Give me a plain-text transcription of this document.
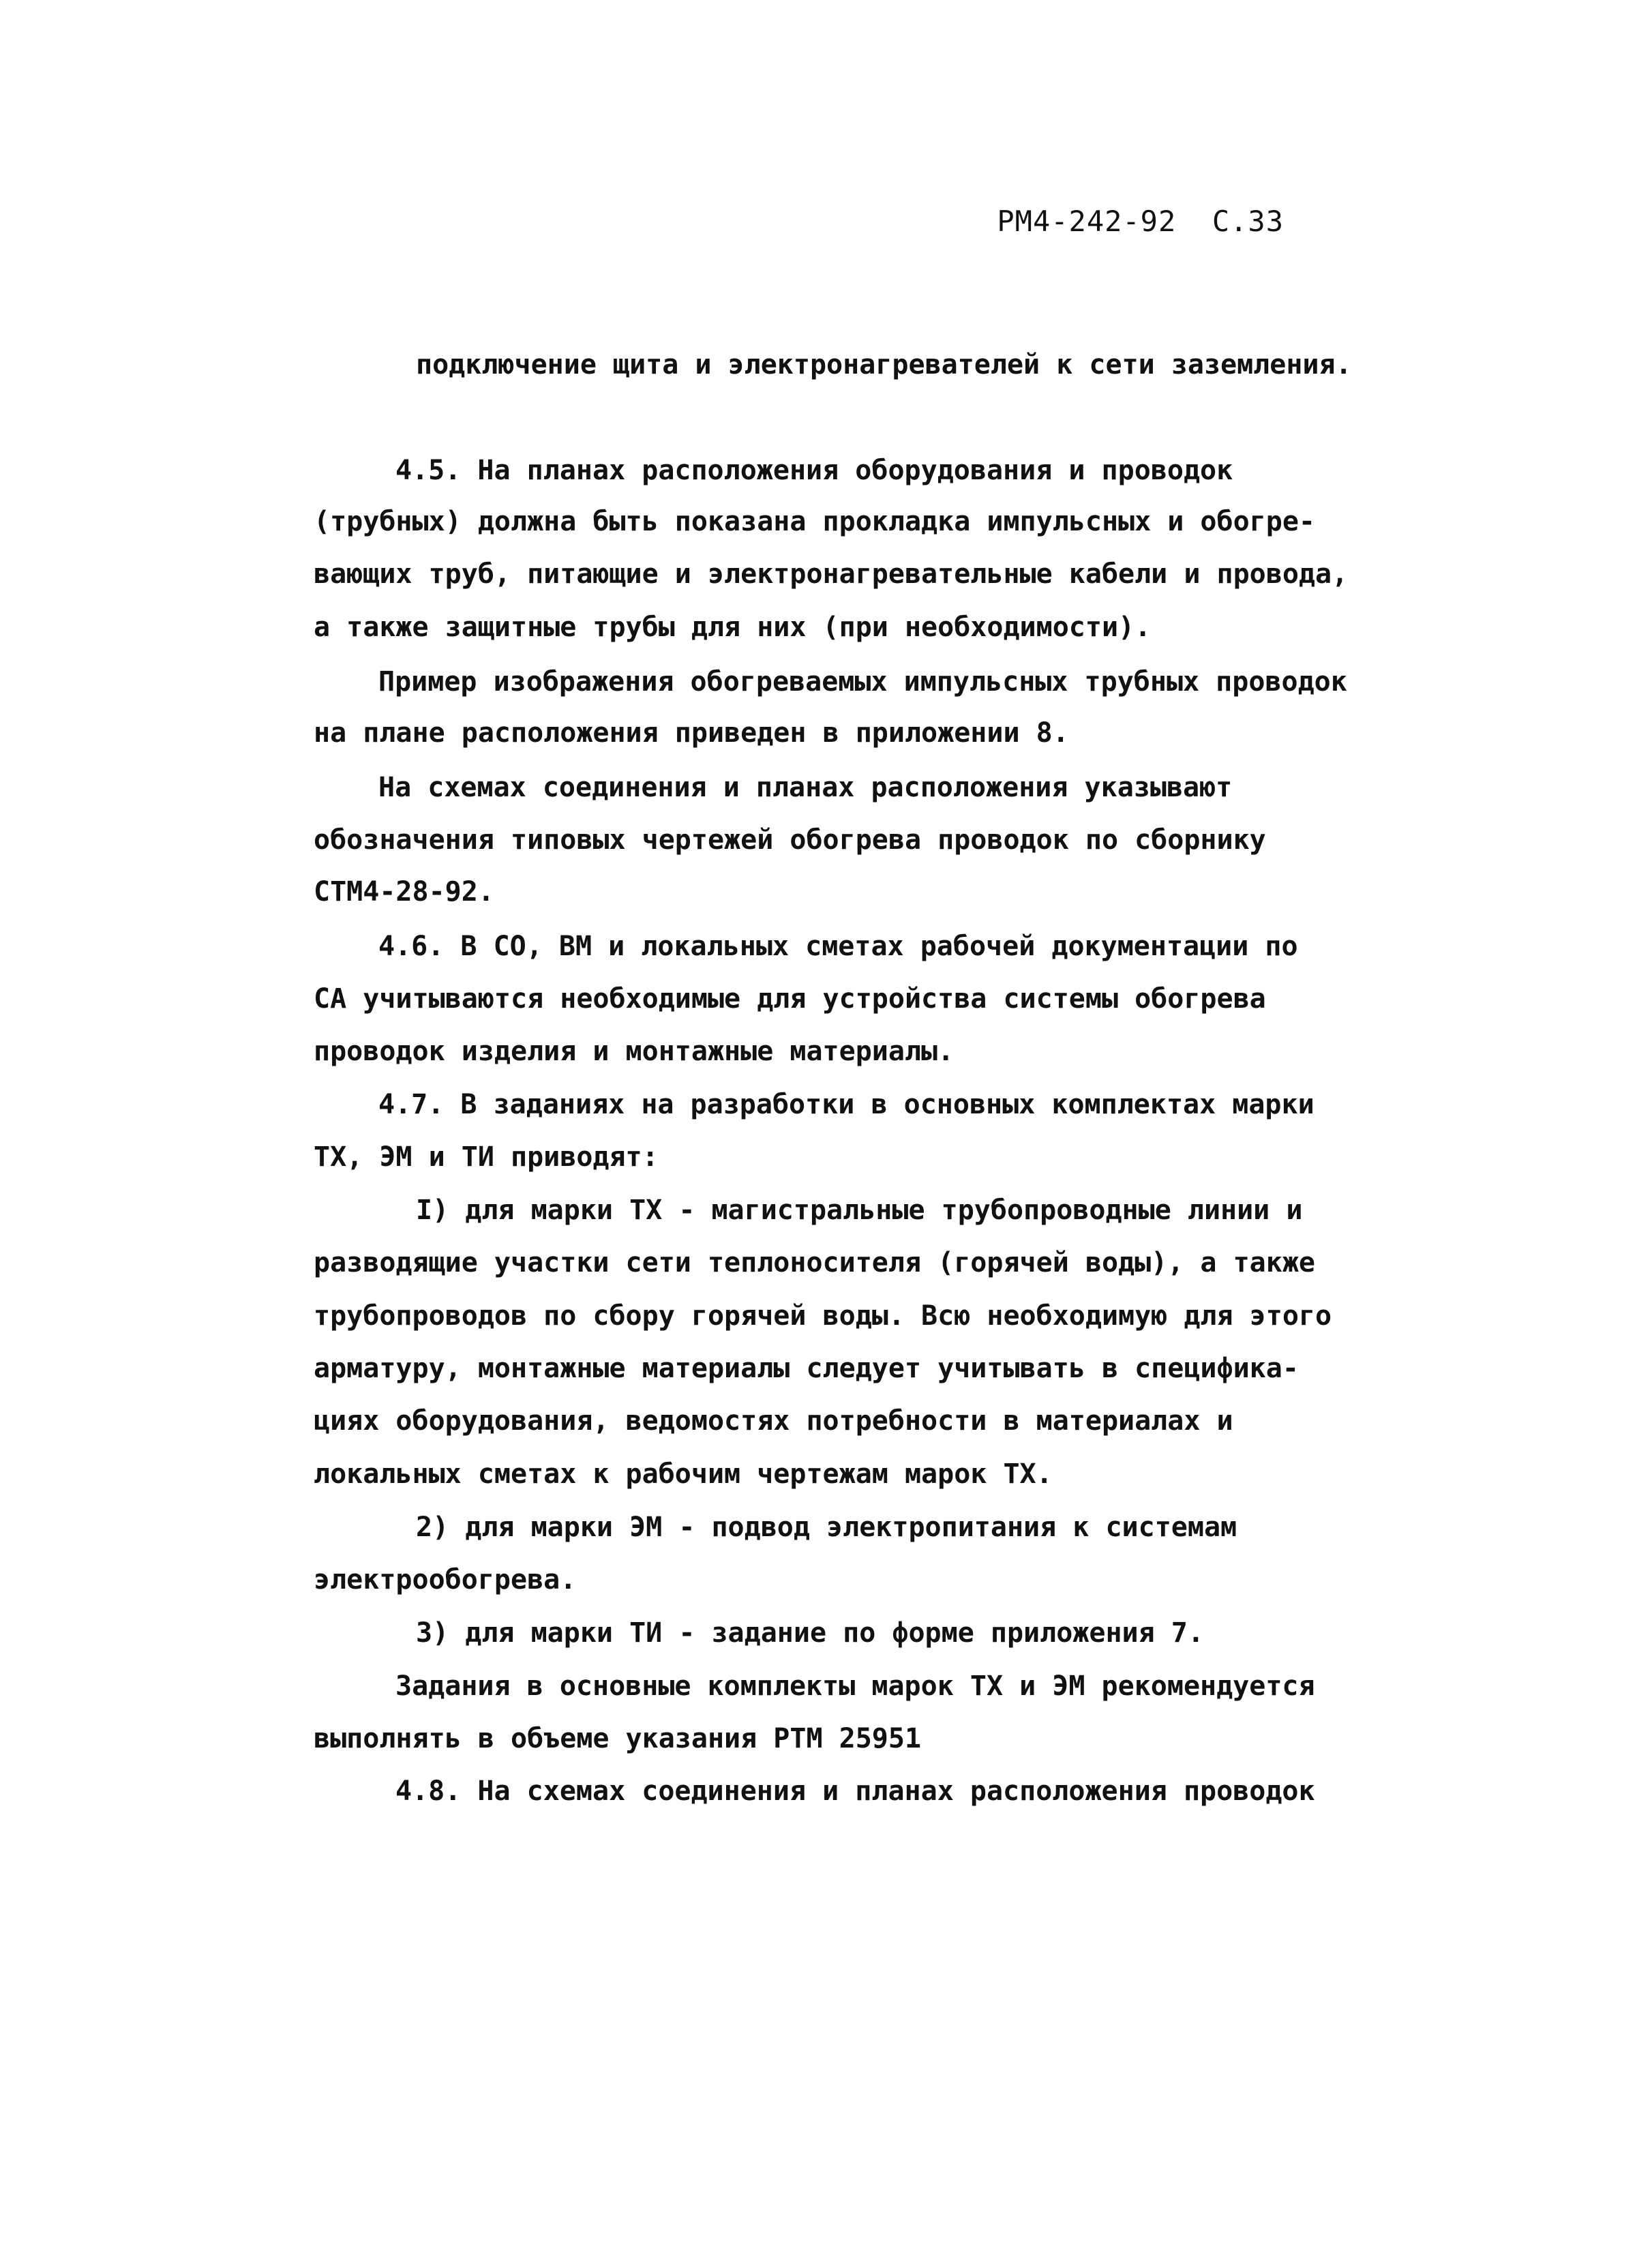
РМ4-242-92 С.33
подключение щита и электронагревателей к сети заземления.
4.5. На планах расположения оборудования и проводок
(трубных) должна быть показана прокладка импульсных и обогре-
вающих труб, питающие и электронагревательные кабели и провода,
а также защитные трубы для них (при необходимости).
Пример изображения обогреваемых импульсных трубных проводок
на плане расположения приведен в приложении 8.
На схемах соединения и планах расположения указывают
обозначения типовых чертежей обогрева проводок по сборнику
СТМ4-28-92.
4.6. В СО, ВМ и локальных сметах рабочей документации по
СА учитываются необходимые для устройства системы обогрева
проводок изделия и монтажные материалы.
4.7. В заданиях на разработки в основных комплектах марки
ТХ, ЭМ и ТИ приводят:
I) для марки ТХ - магистральные трубопроводные линии и
разводящие участки сети теплоносителя (горячей воды), а также
трубопроводов по сбору горячей воды. Всю необходимую для этого
арматуру, монтажные материалы следует учитывать в специфика-
циях оборудования, ведомостях потребности в материалах и
локальных сметах к рабочим чертежам марок ТХ.
2) для марки ЭМ - подвод электропитания к системам
электрообогрева.
3) для марки ТИ - задание по форме приложения 7.
Задания в основные комплекты марок ТХ и ЭМ рекомендуется
выполнять в объеме указания РТМ 25951
4.8. На схемах соединения и планах расположения проводок
